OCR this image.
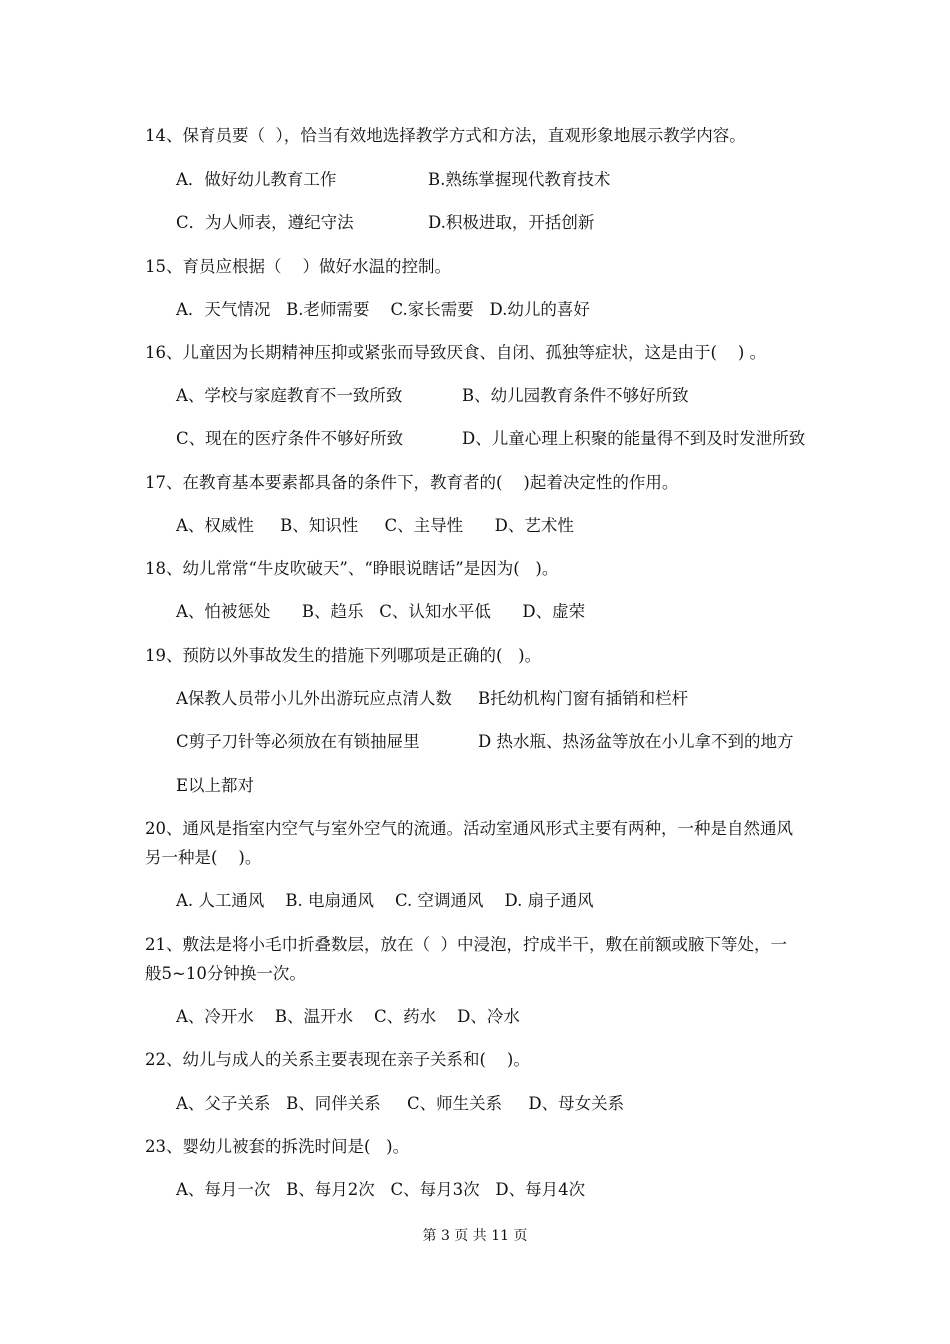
14、保育员要（  ），恰当有效地选择教学方式和方法，直观形象地展示教学内容。
A．做好幼儿教育工作	B.熟练掌握现代教育技术
C．为人师表，遵纪守法	D.积极进取，开括创新
15、育员应根据（    ）做好水温的控制。
A．天气情况   B.老师需要    C.家长需要   D.幼儿的喜好
16、儿童因为长期精神压抑或紧张而导致厌食、自闭、孤独等症状，这是由于(    ) 。
A、学校与家庭教育不一致所致	B、幼儿园教育条件不够好所致
C、现在的医疗条件不够好所致	D、儿童心理上积聚的能量得不到及时发泄所致
17、在教育基本要素都具备的条件下，教育者的(    )起着决定性的作用。
A、权威性     B、知识性     C、主导性      D、艺术性
18、幼儿常常“牛皮吹破天”、“睁眼说瞎话”是因为(   )。
A、怕被惩处      B、趋乐   C、认知水平低      D、虚荣
19、预防以外事故发生的措施下列哪项是正确的(   )。
A保教人员带小儿外出游玩应点清人数 B托幼机构门窗有插销和栏杆
C剪子刀针等必须放在有锁抽屉里	D 热水瓶、热汤盆等放在小儿拿不到的地方
E以上都对
20、通风是指室内空气与室外空气的流通。活动室通风形式主要有两种，一种是自然通风
另一种是(    )。
A. 人工通风    B. 电扇通风    C. 空调通风    D. 扇子通风
21、敷法是将小毛巾折叠数层，放在（  ）中浸泡，拧成半干，敷在前额或腋下等处，一
般5~10分钟换一次。
A、冷开水    B、温开水    C、药水    D、冷水
22、幼儿与成人的关系主要表现在亲子关系和(    )。
A、父子关系   B、同伴关系     C、师生关系     D、母女关系
23、婴幼儿被套的拆洗时间是(   )。
A、每月一次   B、每月2次   C、每月3次   D、每月4次
第 3 页 共 11 页
